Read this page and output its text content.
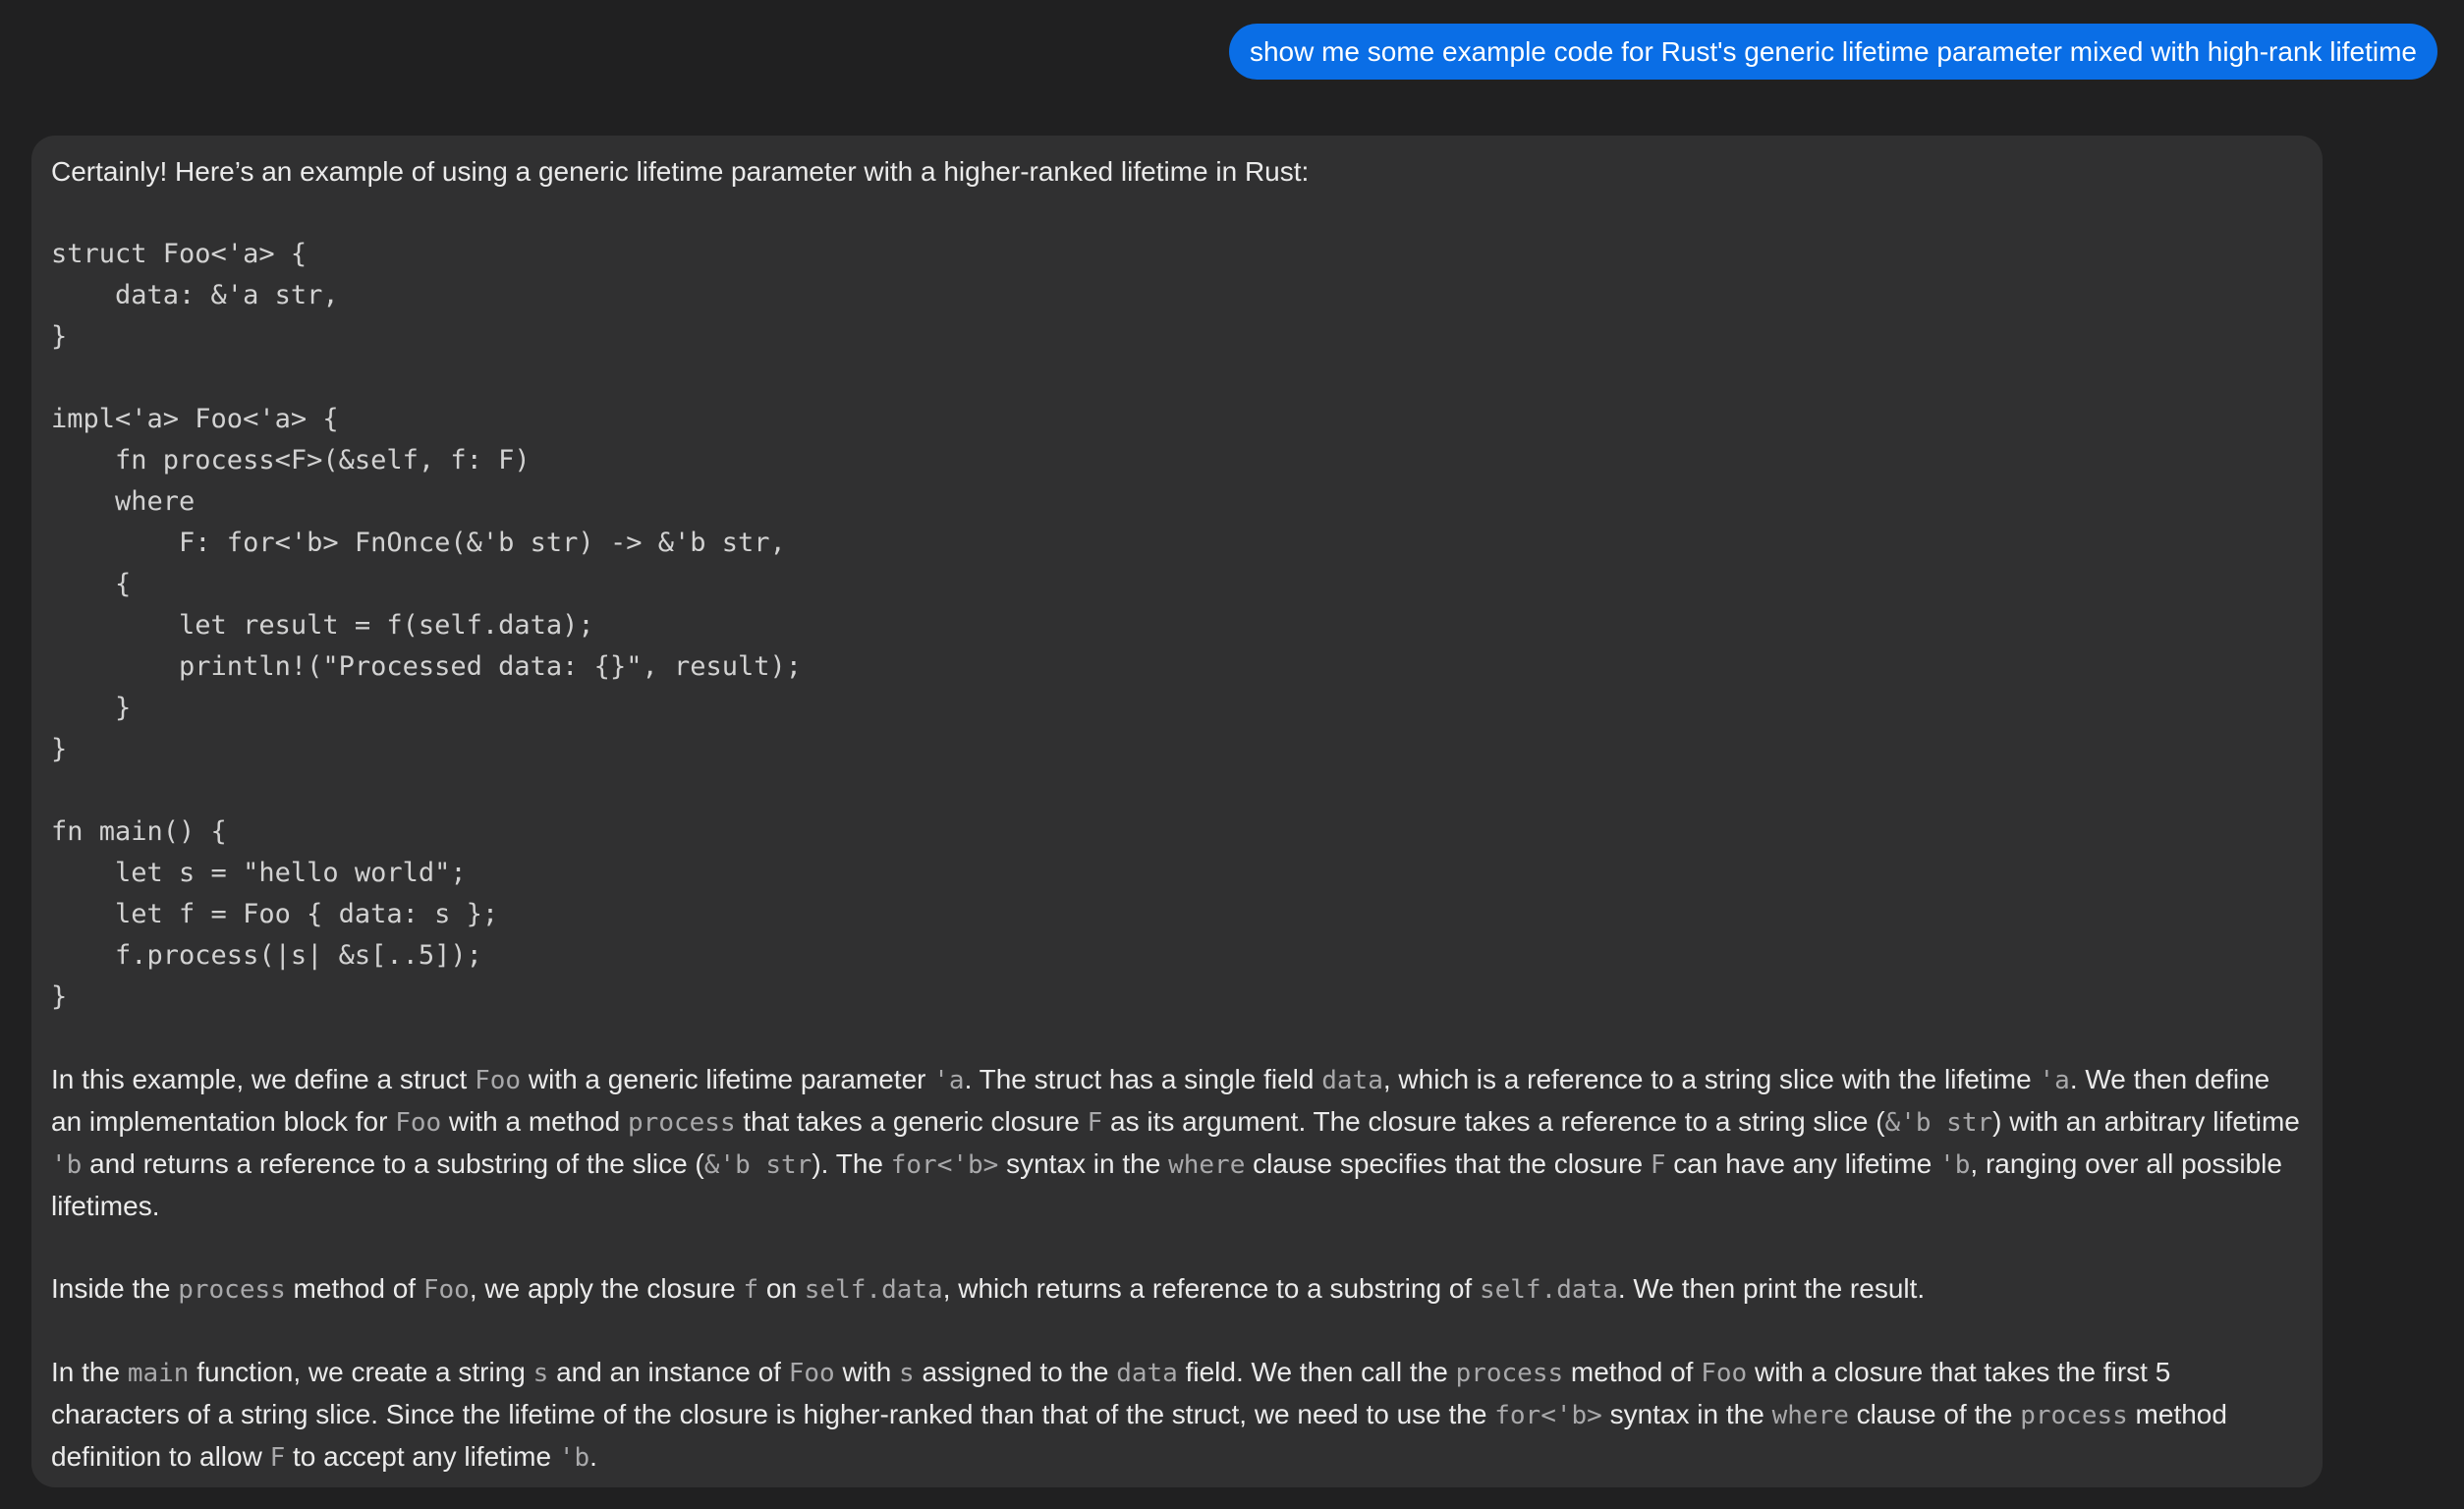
show me some example code for Rust's generic lifetime parameter mixed with high-rank lifetime

Certainly! Here’s an example of using a generic lifetime parameter with a higher-ranked lifetime in Rust:

struct Foo<'a> {
data: &'a str,
}

impl<'a> Foo<'a> {
fn process<F>(&self, f: F)
where
F: for<'b> FnOnce(&'b str) -> &'b str,
{
let result = f(self.data);
println!("Processed data: {}", result);
}
}

fn main() {
let s = "hello world";
let f = Foo { data: s };
f.process(|s| &s[..5]);
}

In this example, we define a struct Foo with a generic lifetime parameter 'a. The struct has a single field data, which is a reference to a string slice with the lifetime 'a. We then define an implementation block for Foo with a method process that takes a generic closure F as its argument. The closure takes a reference to a string slice (&'b str) with an arbitrary lifetime 'b and returns a reference to a substring of the slice (&'b str). The for<'b> syntax in the where clause specifies that the closure F can have any lifetime 'b, ranging over all possible lifetimes.

Inside the process method of Foo, we apply the closure f on self.data, which returns a reference to a substring of self.data. We then print the result.

In the main function, we create a string s and an instance of Foo with s assigned to the data field. We then call the process method of Foo with a closure that takes the first 5 characters of a string slice. Since the lifetime of the closure is higher-ranked than that of the struct, we need to use the for<'b> syntax in the where clause of the process method definition to allow F to accept any lifetime 'b.
